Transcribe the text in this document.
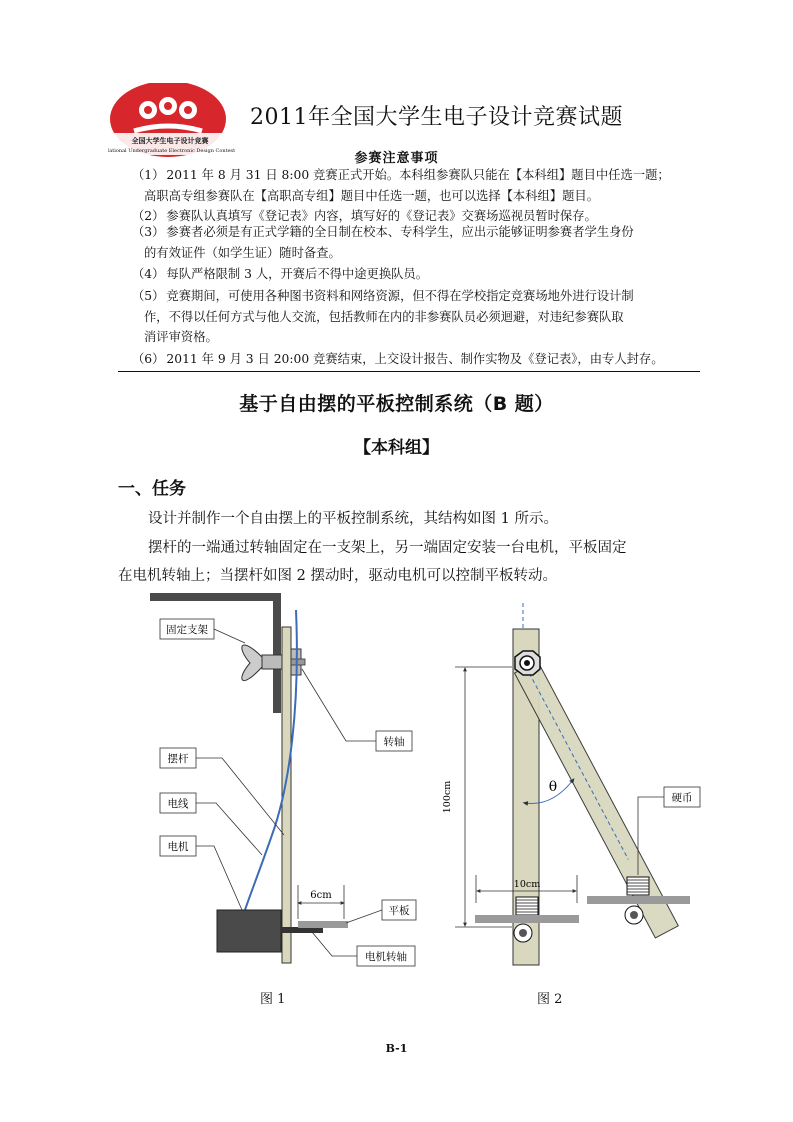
全国大学生电子设计竞赛
National Undergraduate Electronic Design Contest
2011年全国大学生电子设计竞赛试题
参赛注意事项
（1） 2011 年 8 月 31 日 8:00 竞赛正式开始。本科组参赛队只能在【本科组】题目中任选一题；
高职高专组参赛队在【高职高专组】题目中任选一题，也可以选择【本科组】题目。
（2） 参赛队认真填写《登记表》内容，填写好的《登记表》交赛场巡视员暂时保存。
（3） 参赛者必须是有正式学籍的全日制在校本、专科学生，应出示能够证明参赛者学生身份
的有效证件（如学生证）随时备查。
（4） 每队严格限制 3 人，开赛后不得中途更换队员。
（5） 竞赛期间，可使用各种图书资料和网络资源，但不得在学校指定竞赛场地外进行设计制
作，不得以任何方式与他人交流，包括教师在内的非参赛队员必须迴避，对违纪参赛队取
消评审资格。
（6） 2011 年 9 月 3 日 20:00 竞赛结束，上交设计报告、制作实物及《登记表》，由专人封存。
基于自由摆的平板控制系统（B 题）
【本科组】
一、任务
设计并制作一个自由摆上的平板控制系统，其结构如图 1 所示。
摆杆的一端通过转轴固定在一支架上，另一端固定安装一台电机，平板固定
在电机转轴上；当摆杆如图 2 摆动时，驱动电机可以控制平板转动。
6cm
固定支架
转轴
摆杆
电线
电机
平板
电机转轴
100cm	θ
10cm
硬币
图 1	图 2
B-1
